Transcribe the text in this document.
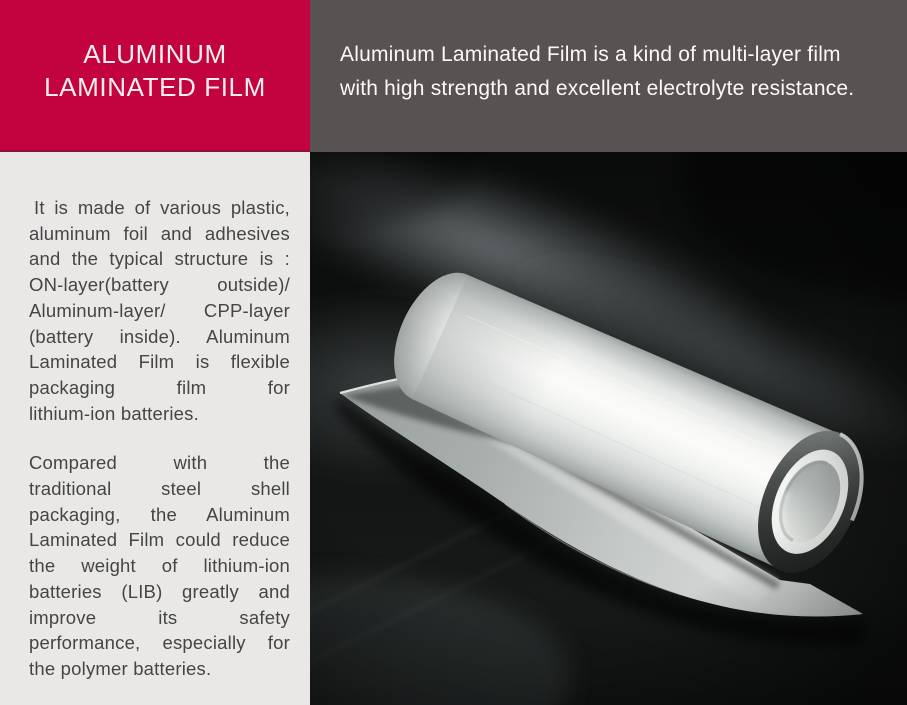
ALUMINUM
LAMINATED FILM
Aluminum Laminated Film is a kind of multi-layer film
with high strength and excellent electrolyte resistance.
It is made of various plastic,
aluminum foil and adhesives
and the typical structure is :
ON-layer(battery outside)/
Aluminum-layer/ CPP-layer
(battery inside). Aluminum
Laminated Film is flexible
packaging film for
lithium-ion batteries.
Compared with the
traditional steel shell
packaging, the Aluminum
Laminated Film could reduce
the weight of lithium-ion
batteries (LIB) greatly and
improve its safety
performance, especially for
the polymer batteries.
